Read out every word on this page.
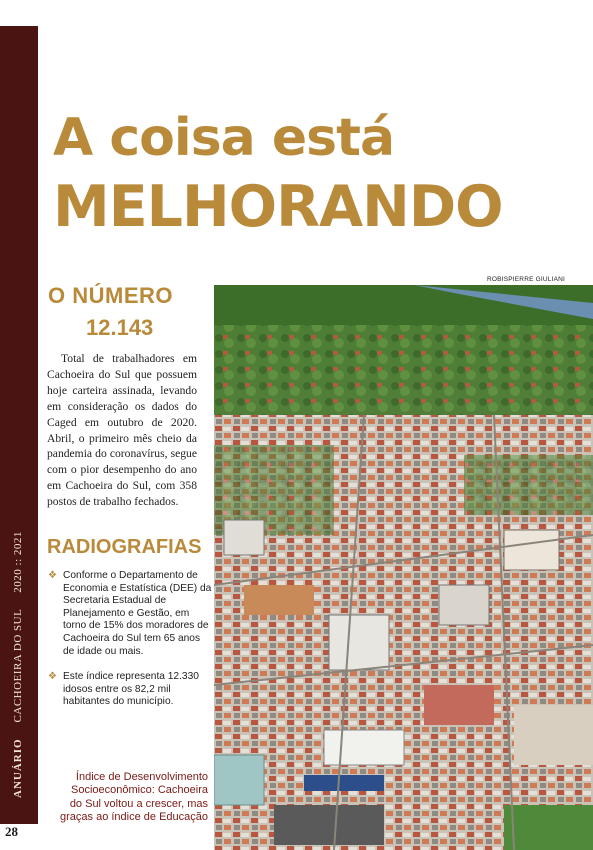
ANUÁRIOCACHOEIRA DO SUL2020 :: 2021
28
A coisa está
MELHORANDO
ROBISPIERRE GIULIANI
O NÚMERO
12.143
Total de trabalhadores em Cachoeira do Sul que possuem hoje carteira assinada, levando em consideração os dados do Caged em outubro de 2020. Abril, o primeiro mês cheio da pandemia do coronavírus, segue com o pior desempenho do ano em Cachoeira do Sul, com 358 postos de trabalho fechados.
RADIOGRAFIAS
❖ Conforme o Departamento de Economia e Estatística (DEE) da Secretaria Estadual de Planejamento e Gestão, em torno de 15% dos moradores de Cachoeira do Sul tem 65 anos de idade ou mais.
❖ Este índice representa 12.330 idosos entre os 82,2 mil habitantes do município.
Índice de Desenvolvimento Socioeconômico: Cachoeira do Sul voltou a crescer, mas graças ao índice de Educação
